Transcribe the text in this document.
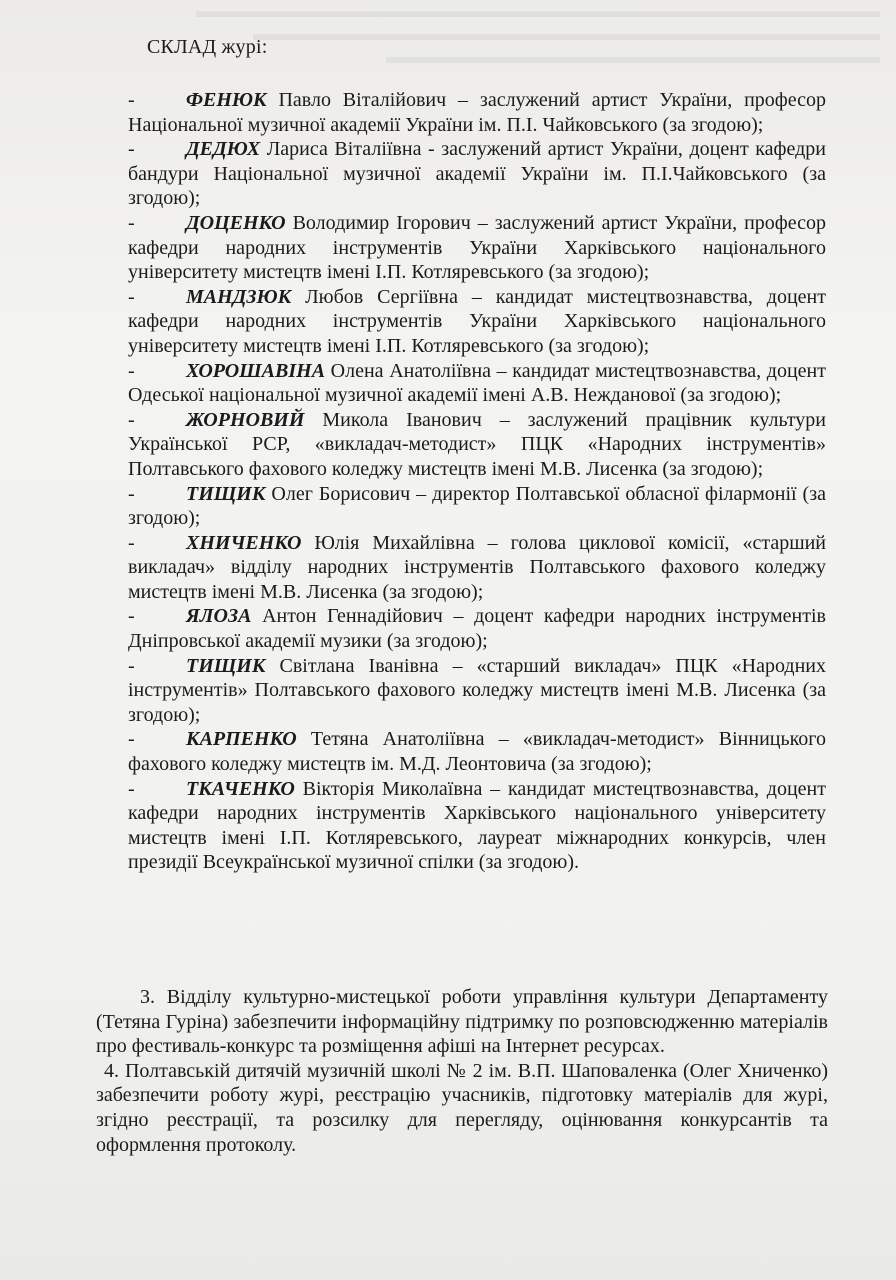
▬▬▬▬▬▬▬▬▬▬▬▬▬▬▬▬▬▬▬▬▬▬▬▬▬▬▬▬▬▬▬▬▬▬▬▬
▬▬▬▬▬▬▬▬▬▬▬▬▬▬▬▬▬▬▬▬▬▬▬▬▬▬▬▬▬▬▬▬▬
▬▬▬▬▬▬▬▬▬▬▬▬▬▬▬▬▬▬▬▬▬▬▬▬▬▬
СКЛАД журі:
-	ФЕНЮК Павло Віталійович – заслужений артист України, професор Національної музичної академії України ім. П.І. Чайковського (за згодою);
-	ДЕДЮХ Лариса Віталіївна - заслужений артист України, доцент кафедри бандури Національної музичної академії України ім. П.І.Чайковського (за згодою);
-	ДОЦЕНКО Володимир Ігорович – заслужений артист України, професор кафедри народних інструментів України Харківського національного університету мистецтв імені І.П. Котляревського (за згодою);
-	МАНДЗЮК Любов Сергіївна – кандидат мистецтвознавства, доцент кафедри народних інструментів України Харківського національного університету мистецтв імені І.П. Котляревського (за згодою);
-	ХОРОШАВІНА Олена Анатоліївна – кандидат мистецтвознавства, доцент Одеської національної музичної академії імені А.В. Нежданової (за згодою);
-	ЖОРНОВИЙ Микола Іванович – заслужений працівник культури Української РСР, «викладач-методист» ПЦК «Народних інструментів» Полтавського фахового коледжу мистецтв імені М.В. Лисенка (за згодою);
-	ТИЩИК Олег Борисович – директор Полтавської обласної філармонії (за згодою);
-	ХНИЧЕНКО Юлія Михайлівна – голова циклової комісії, «старший викладач» відділу народних інструментів Полтавського фахового коледжу мистецтв імені М.В. Лисенка (за згодою);
-	ЯЛОЗА Антон Геннадійович – доцент кафедри народних інструментів Дніпровської академії музики (за згодою);
-	ТИЩИК Світлана Іванівна – «старший викладач» ПЦК «Народних інструментів» Полтавського фахового коледжу мистецтв імені М.В. Лисенка (за згодою);
-	КАРПЕНКО Тетяна Анатоліївна – «викладач-методист» Вінницького фахового коледжу мистецтв ім. М.Д. Леонтовича (за згодою);
-	ТКАЧЕНКО Вікторія Миколаївна – кандидат мистецтвознавства, доцент кафедри народних інструментів Харківського національного університету мистецтв імені І.П. Котляревського, лауреат міжнародних конкурсів, член президії Всеукраїнської музичної спілки (за згодою).
3. Відділу культурно-мистецької роботи управління культури Департаменту (Тетяна Гуріна) забезпечити інформаційну підтримку по розповсюдженню матеріалів про фестиваль-конкурс та розміщення афіші на Інтернет ресурсах.
4. Полтавській дитячій музичній школі № 2 ім. В.П. Шаповаленка (Олег Хниченко) забезпечити роботу журі, реєстрацію учасників, підготовку матеріалів для журі, згідно реєстрації, та розсилку для перегляду, оцінювання конкурсантів та оформлення протоколу.
